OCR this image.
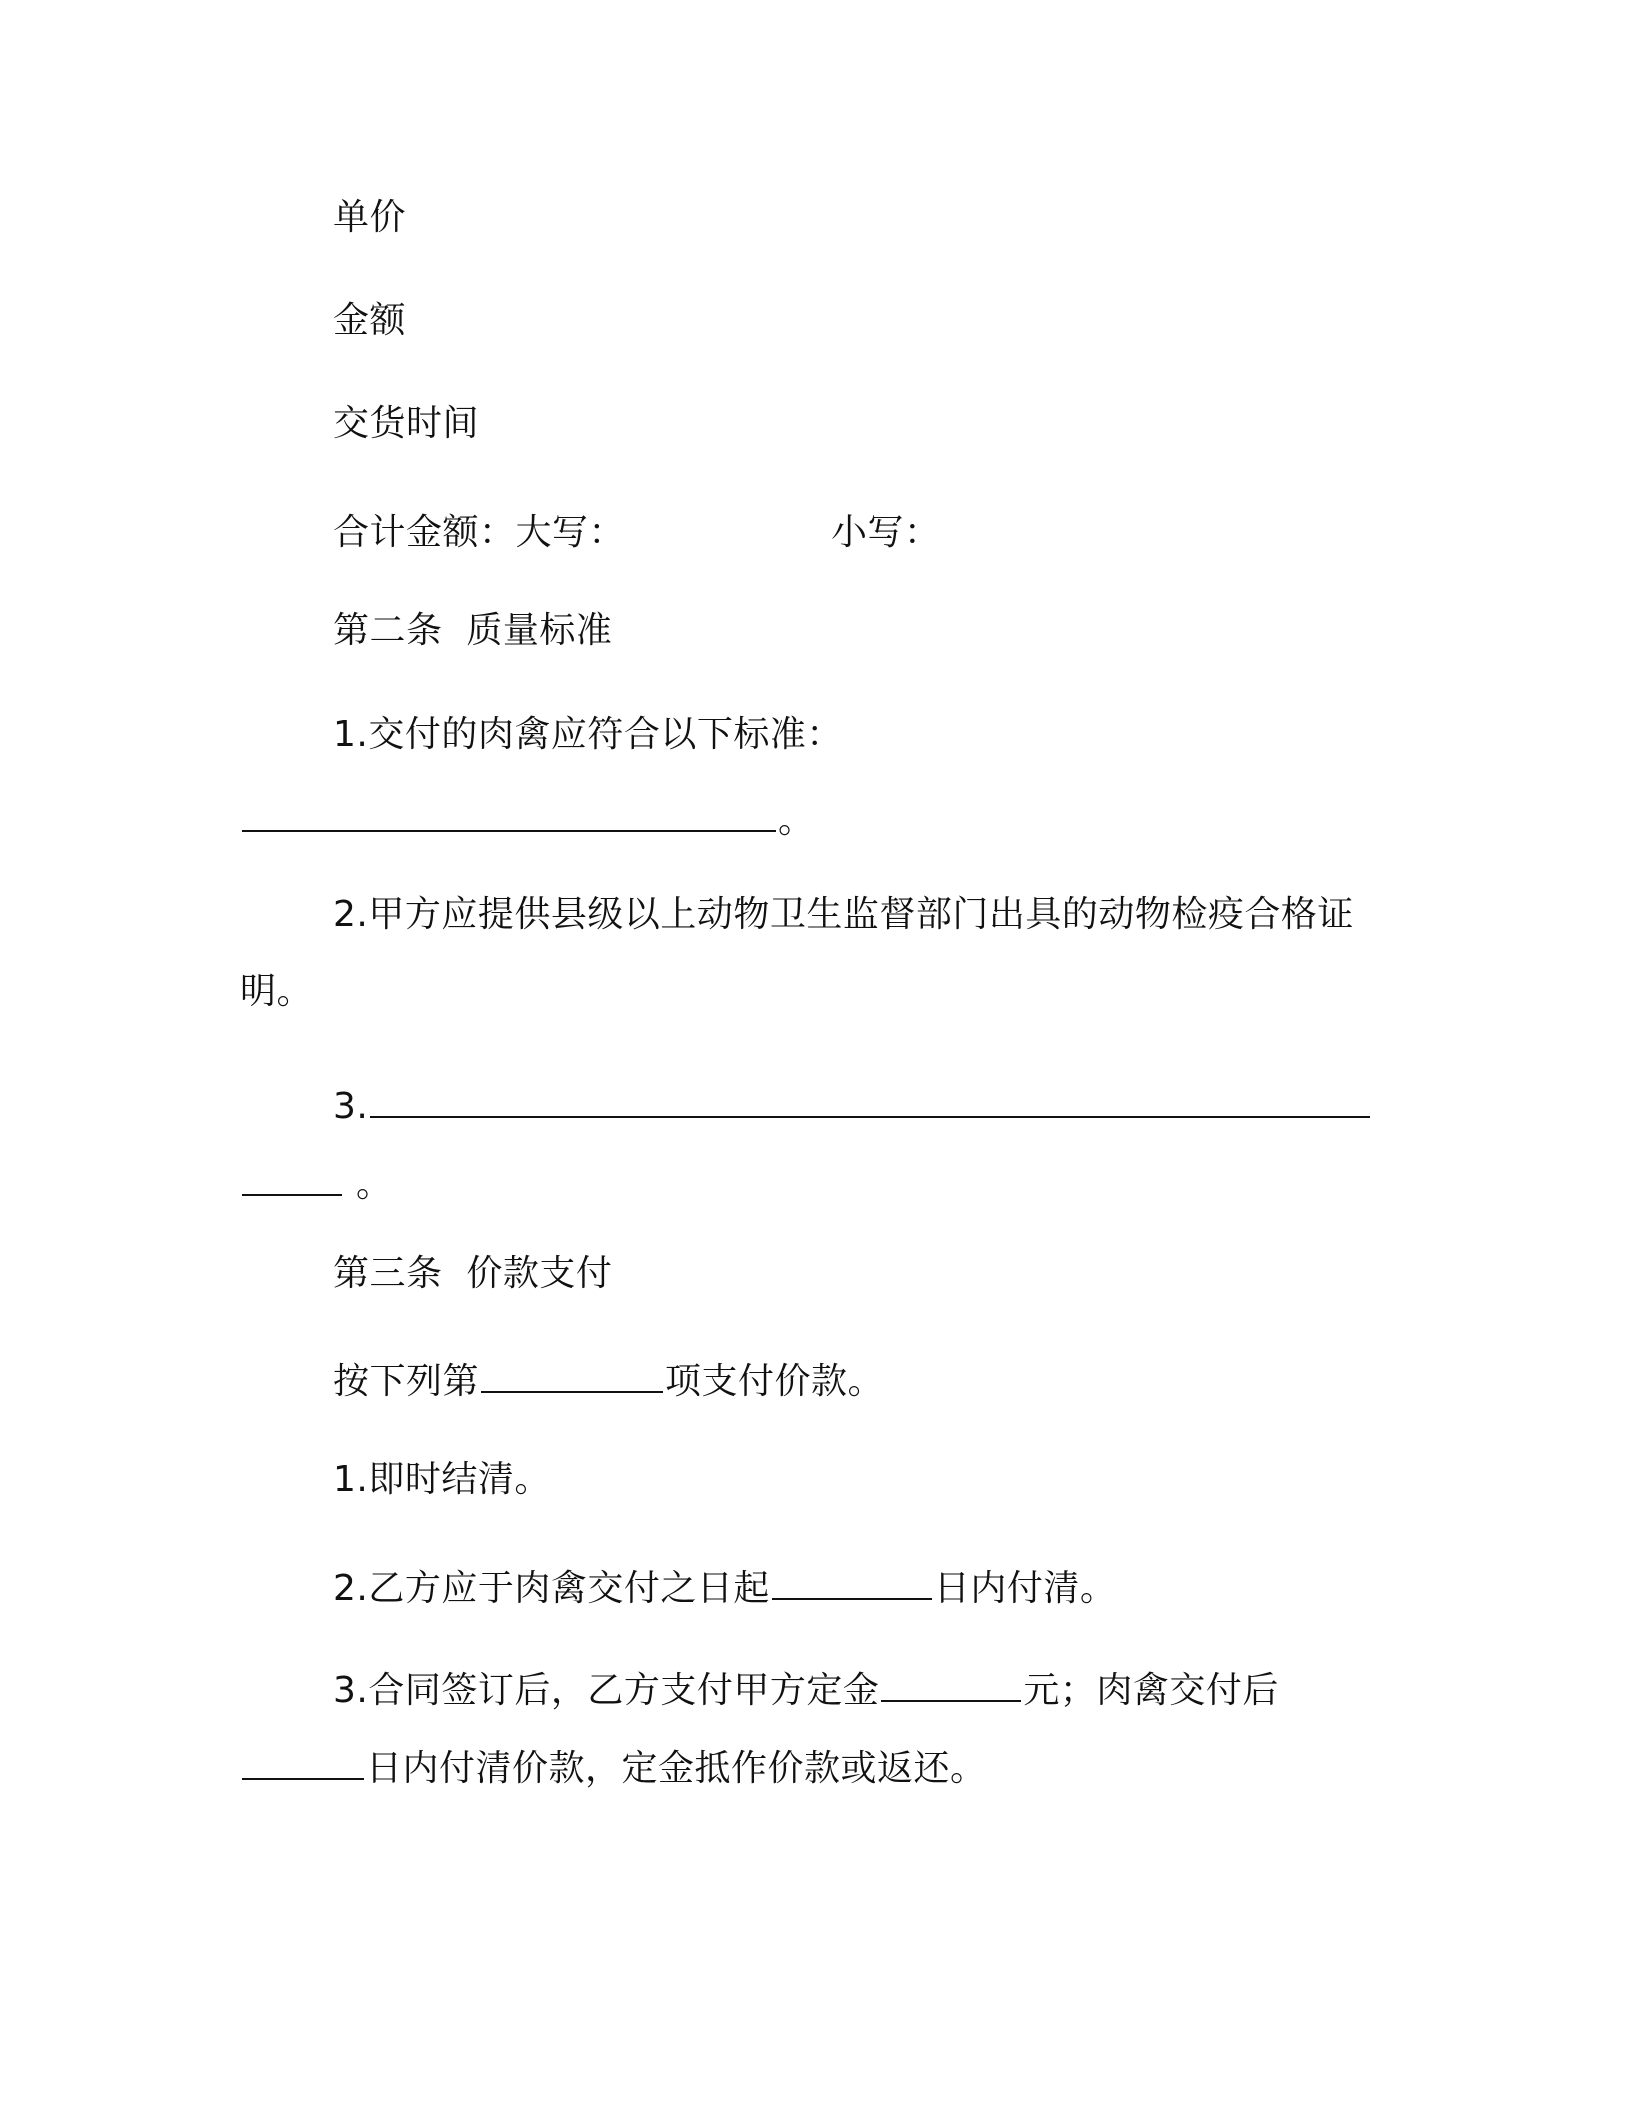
单价
金额
交货时间
合计金额：大写：	小写：
第二条  质量标准
1.交付的肉禽应符合以下标准：
。
2.甲方应提供县级以上动物卫生监督部门出具的动物检疫合格证
明。
3.
。
第三条  价款支付
按下列第	项支付价款。
1.即时结清。
2.乙方应于肉禽交付之日起	日内付清。
3.合同签订后，乙方支付甲方定金	元；肉禽交付后
日内付清价款，定金抵作价款或返还。
